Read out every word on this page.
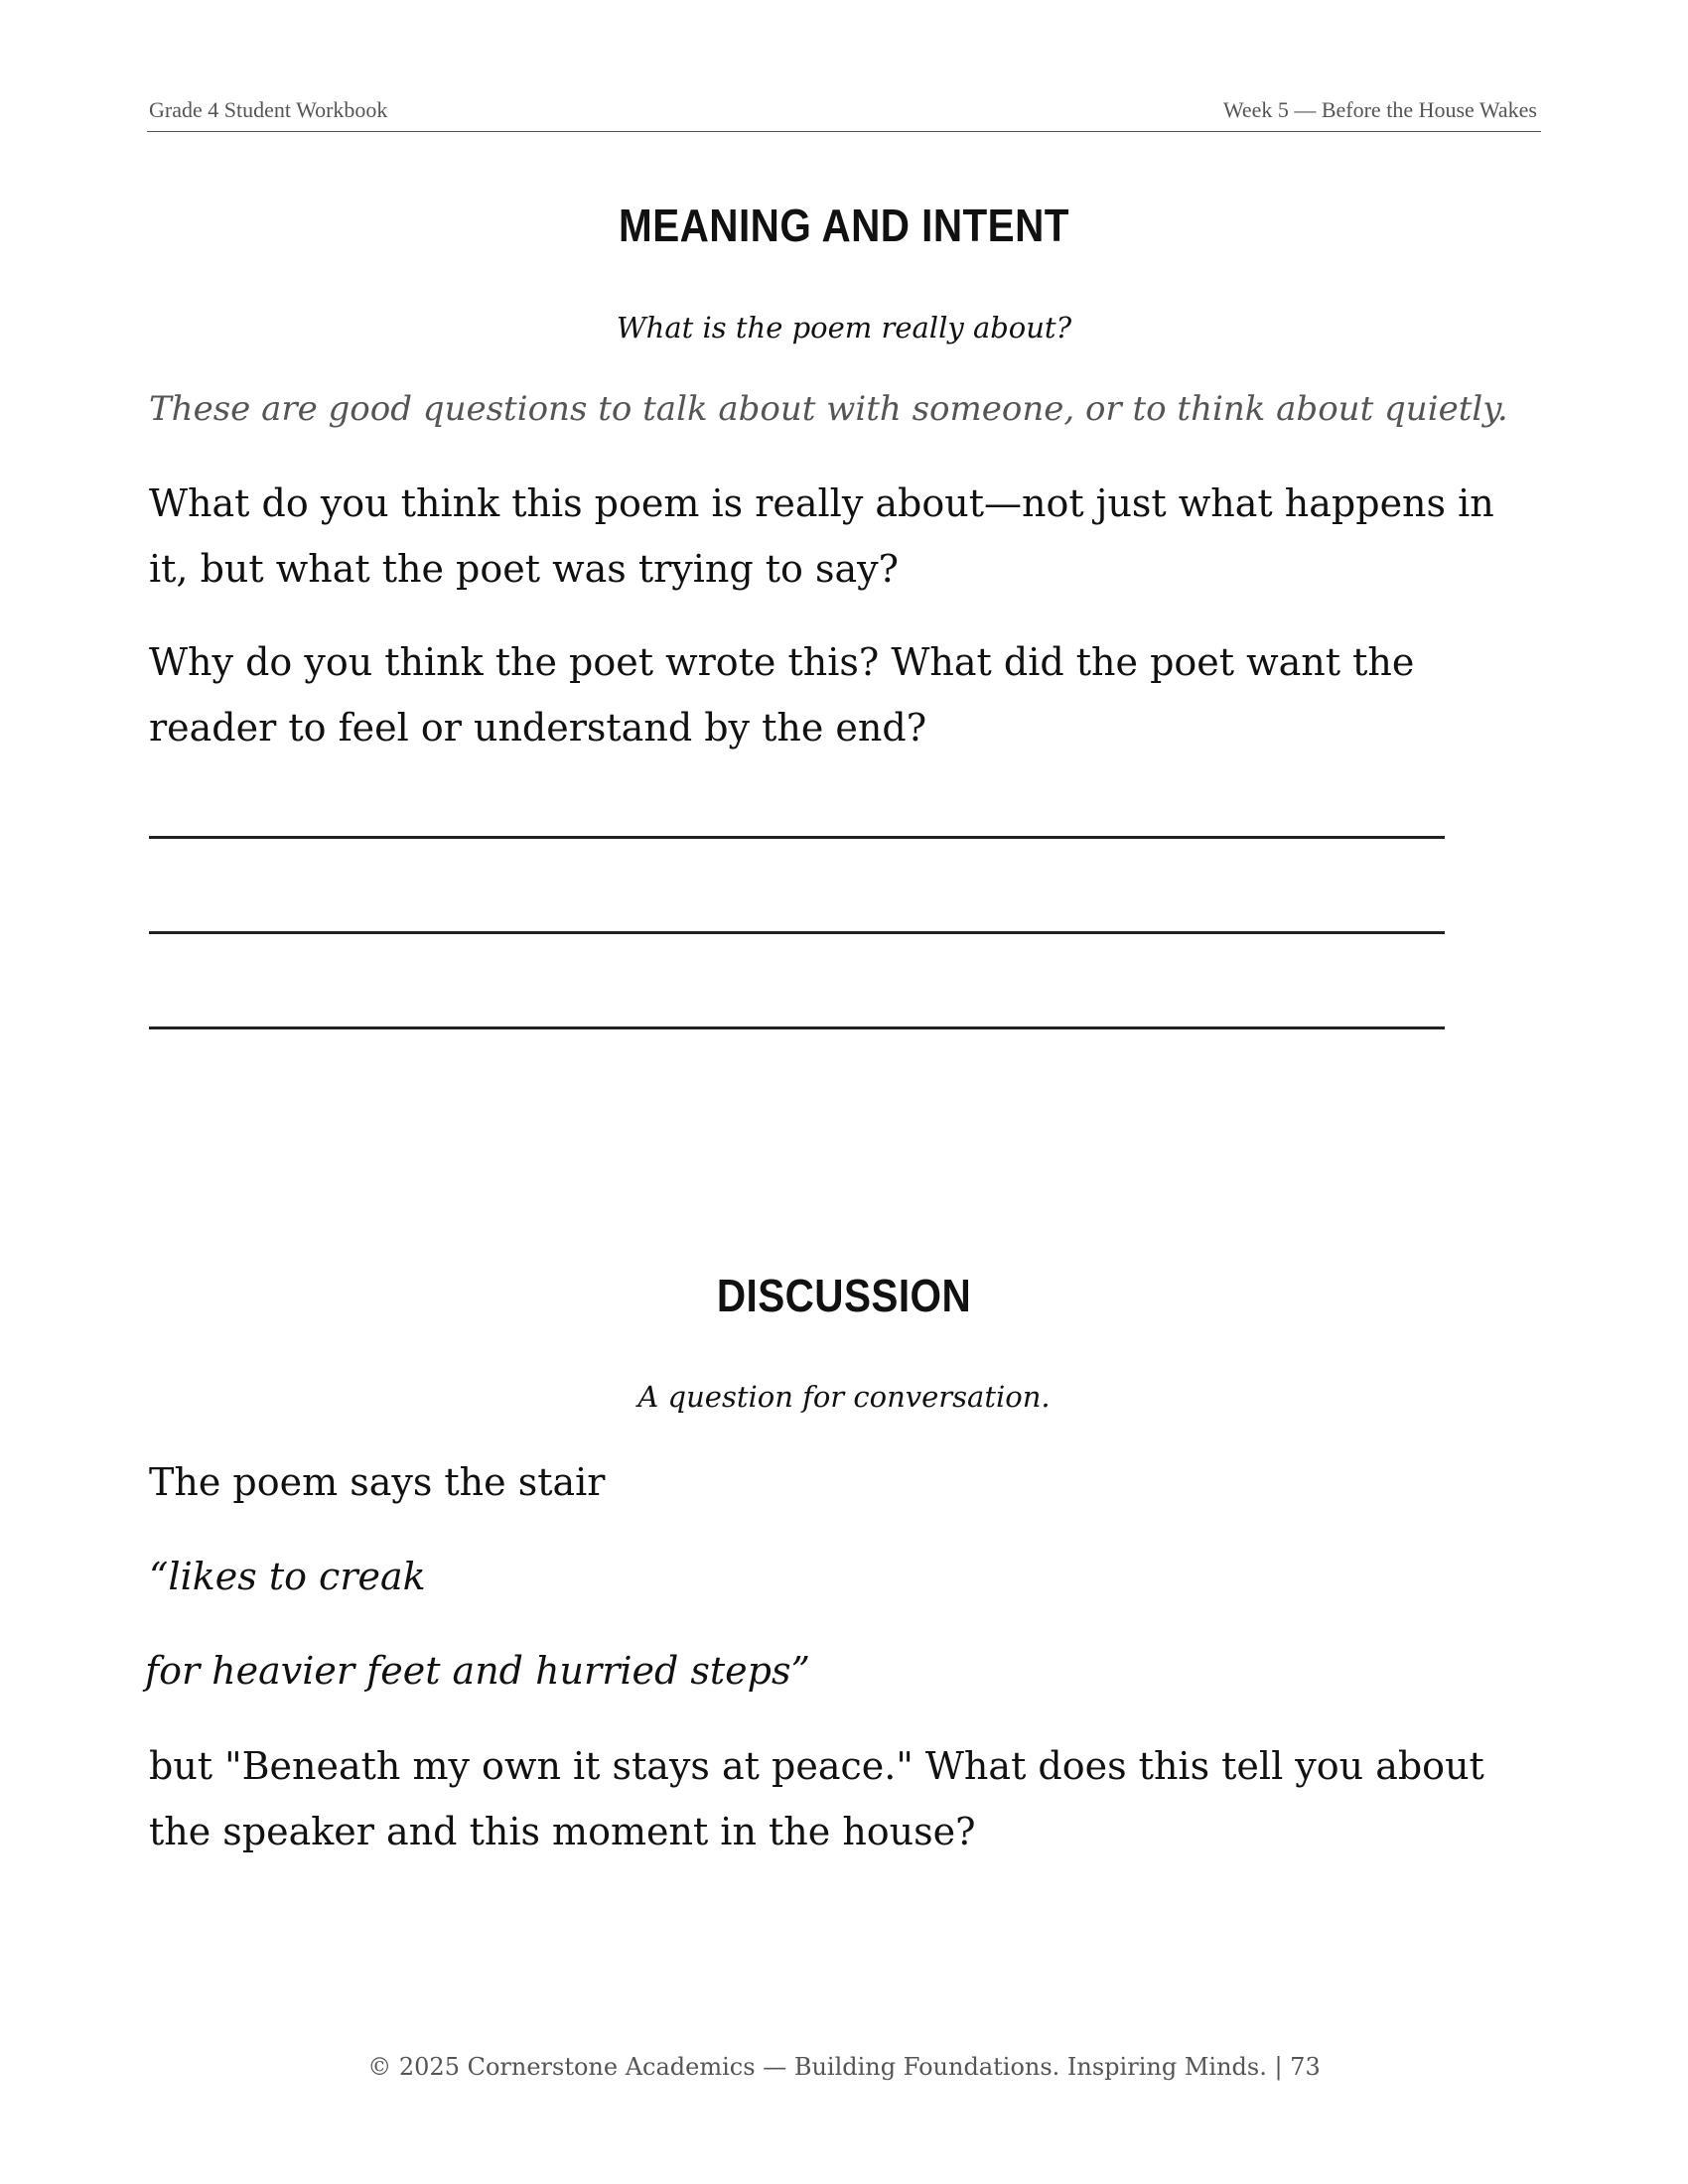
Grade 4 Student Workbook	Week 5 — Before the House Wakes
MEANING AND INTENT
What is the poem really about?
These are good questions to talk about with someone, or to think about quietly.
What do you think this poem is really about—not just what happens in it, but what the poet was trying to say?
Why do you think the poet wrote this? What did the poet want the reader to feel or understand by the end?
DISCUSSION
A question for conversation.
The poem says the stair
“likes to creak
for heavier feet and hurried steps”
but "Beneath my own it stays at peace." What does this tell you about the speaker and this moment in the house?
© 2025 Cornerstone Academics — Building Foundations. Inspiring Minds. | 73
